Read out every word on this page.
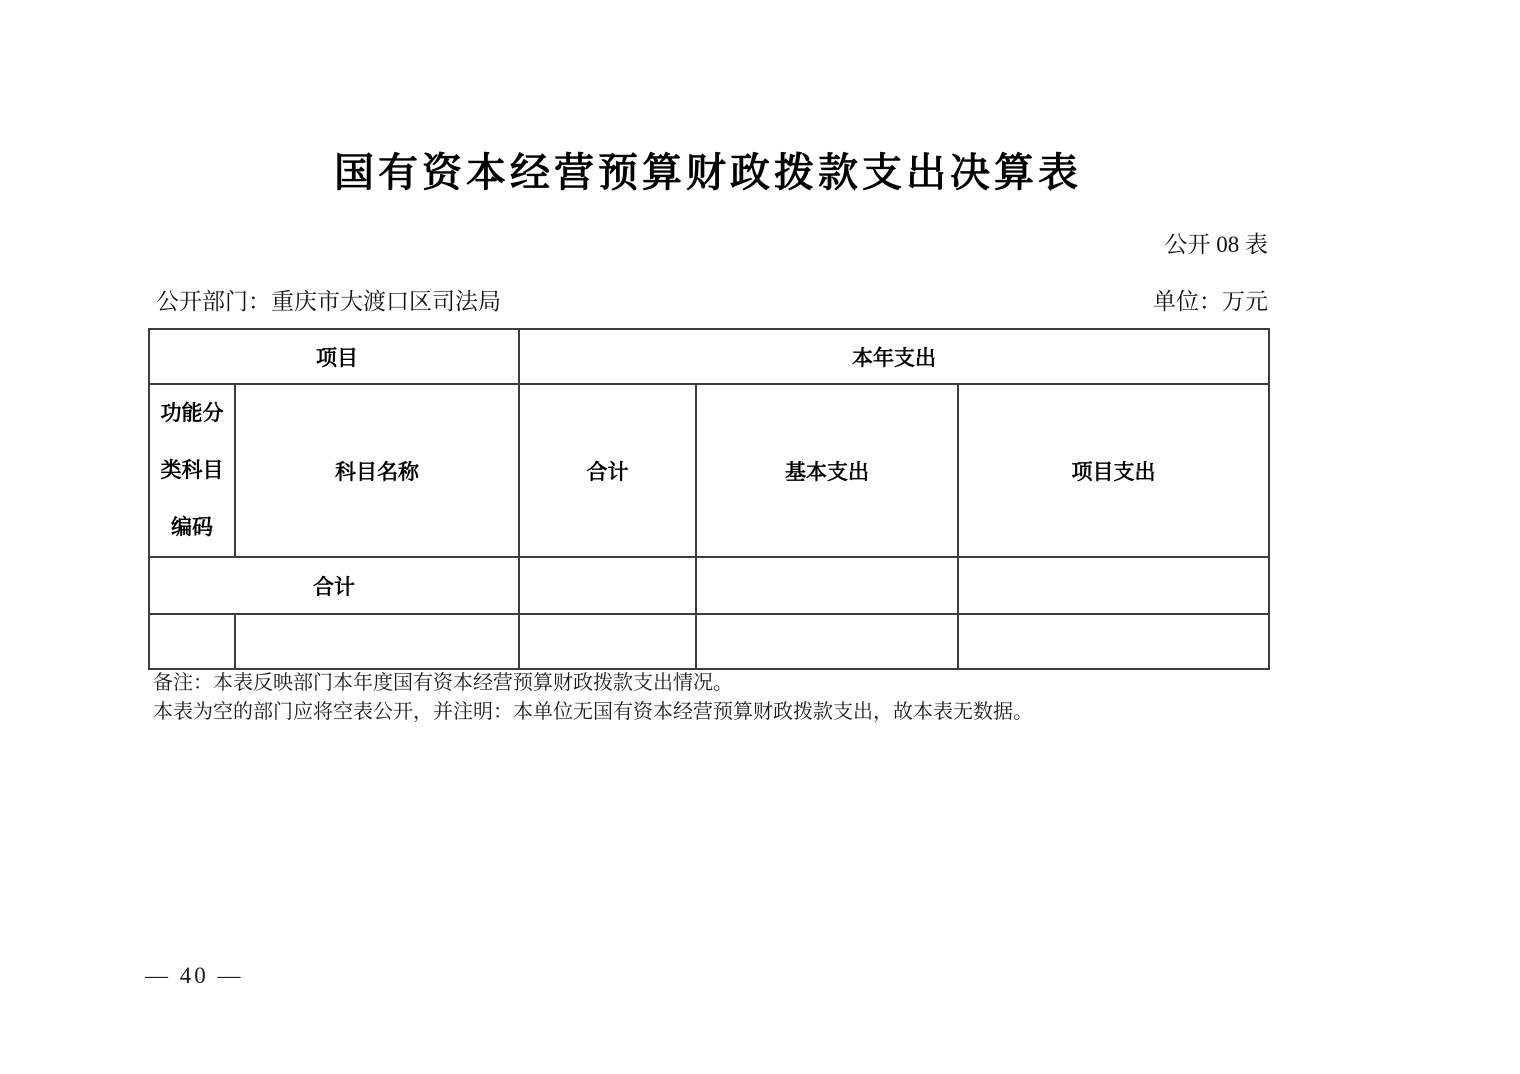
国有资本经营预算财政拨款支出决算表
公开 08 表
公开部门：重庆市大渡口区司法局	单位：万元
项目		本年支出		

功能分
类科目
编码	科目名称	合计	基本支出	项目支出
合计				

备注：本表反映部门本年度国有资本经营预算财政拨款支出情况。
本表为空的部门应将空表公开，并注明：本单位无国有资本经营预算财政拨款支出，故本表无数据。
— 40 —
